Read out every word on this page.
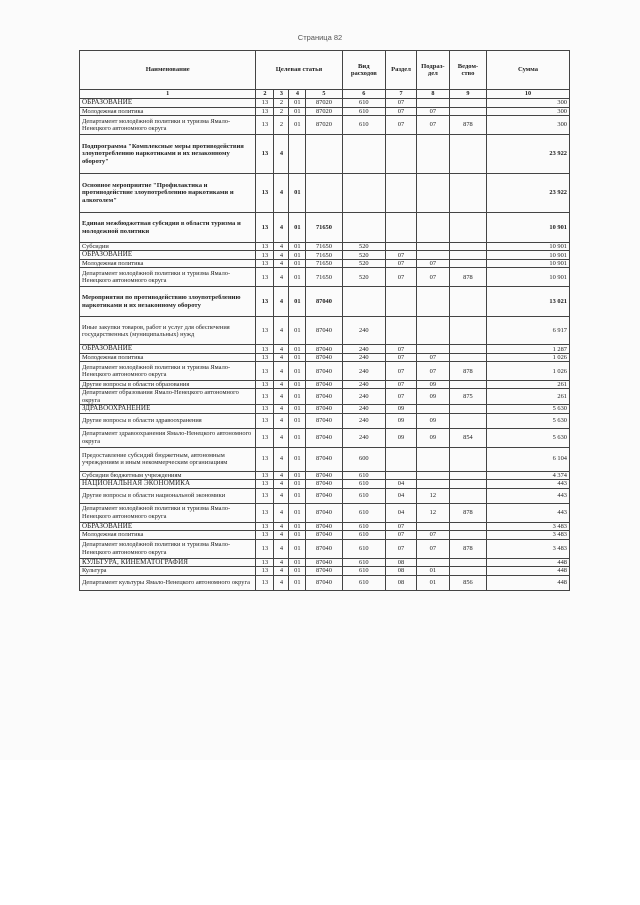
Страница 82
Наименование	Целевая статья				Вид расходов	Раздел	Подраз-дел	Ведом-ство	Сумма
1	2	3	4	5	6	7	8	9	10
ОБРАЗОВАНИЕ	13	2	01	87020	610	07			300
Молодежная политика	13	2	01	87020	610	07	07		300
Департамент молодёжной политики и туризма Ямало-Ненецкого автономного округа	13	2	01	87020	610	07	07	878	300
Подпрограмма "Комплексные меры противодействия злоупотреблению наркотиками и их незаконному обороту"	13	4							23 922
Основное мероприятие "Профилактика и противодействие злоупотреблению наркотиками и алкоголем"	13	4	01						23 922
Единая межбюджетная субсидия в области туризма и молодежной политики	13	4	01	71650					10 901
Субсидии	13	4	01	71650	520				10 901
ОБРАЗОВАНИЕ	13	4	01	71650	520	07			10 901
Молодежная политика	13	4	01	71650	520	07	07		10 901
Департамент молодёжной политики и туризма Ямало-Ненецкого автономного округа	13	4	01	71650	520	07	07	878	10 901
Мероприятия по противодействию злоупотреблению наркотиками и их незаконному обороту	13	4	01	87040					13 021
Иные закупки товаров, работ и услуг для обеспечения государственных (муниципальных) нужд	13	4	01	87040	240				6 917
ОБРАЗОВАНИЕ	13	4	01	87040	240	07			1 287
Молодежная политика	13	4	01	87040	240	07	07		1 026
Департамент молодёжной политики и туризма Ямало-Ненецкого автономного округа	13	4	01	87040	240	07	07	878	1 026
Другие вопросы в области образования	13	4	01	87040	240	07	09		261
Департамент образования Ямало-Ненецкого автономного округа	13	4	01	87040	240	07	09	875	261
ЗДРАВООХРАНЕНИЕ	13	4	01	87040	240	09			5 630
Другие вопросы в области здравоохранения	13	4	01	87040	240	09	09		5 630
Департамент здравоохранения Ямало-Ненецкого автономного округа	13	4	01	87040	240	09	09	854	5 630
Предоставление субсидий бюджетным, автономным учреждениям и иным некоммерческим организациям	13	4	01	87040	600				6 104
Субсидии бюджетным учреждениям	13	4	01	87040	610				4 374
НАЦИОНАЛЬНАЯ ЭКОНОМИКА	13	4	01	87040	610	04			443
Другие вопросы в области национальной экономики	13	4	01	87040	610	04	12		443
Департамент молодёжной политики и туризма Ямало-Ненецкого автономного округа	13	4	01	87040	610	04	12	878	443
ОБРАЗОВАНИЕ	13	4	01	87040	610	07			3 483
Молодежная политика	13	4	01	87040	610	07	07		3 483
Департамент молодёжной политики и туризма Ямало-Ненецкого автономного округа	13	4	01	87040	610	07	07	878	3 483
КУЛЬТУРА, КИНЕМАТОГРАФИЯ	13	4	01	87040	610	08			448
Культура	13	4	01	87040	610	08	01		448
Департамент культуры Ямало-Ненецкого автономного округа	13	4	01	87040	610	08	01	856	448
